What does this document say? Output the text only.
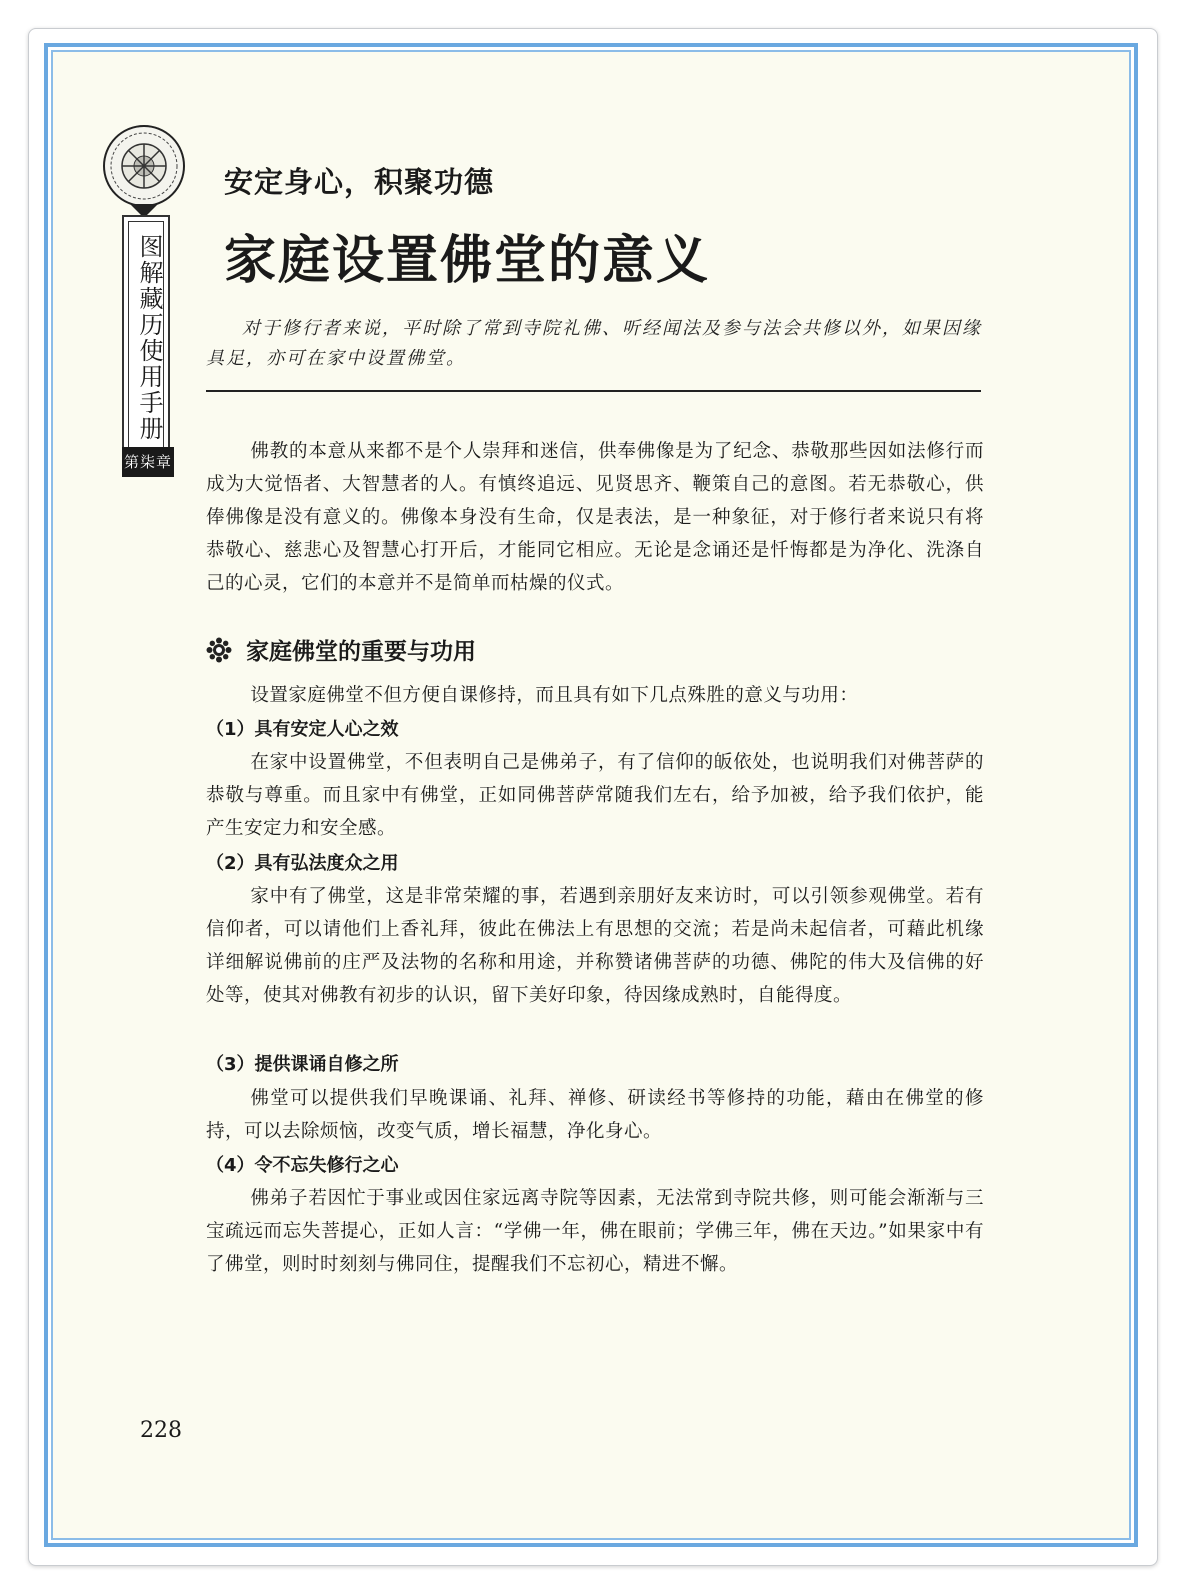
图解藏历使用手册
第柒章
安定身心，积聚功德
家庭设置佛堂的意义
对于修行者来说，平时除了常到寺院礼佛、听经闻法及参与法会共修以外，如果因缘具足，亦可在家中设置佛堂。
佛教的本意从来都不是个人崇拜和迷信，供奉佛像是为了纪念、恭敬那些因如法修行而成为大觉悟者、大智慧者的人。有慎终追远、见贤思齐、鞭策自己的意图。若无恭敬心，供俸佛像是没有意义的。佛像本身没有生命，仅是表法，是一种象征，对于修行者来说只有将恭敬心、慈悲心及智慧心打开后，才能同它相应。无论是念诵还是忏悔都是为净化、洗涤自己的心灵，它们的本意并不是简单而枯燥的仪式。
家庭佛堂的重要与功用
设置家庭佛堂不但方便自课修持，而且具有如下几点殊胜的意义与功用：
（1）具有安定人心之效
在家中设置佛堂，不但表明自己是佛弟子，有了信仰的皈依处，也说明我们对佛菩萨的恭敬与尊重。而且家中有佛堂，正如同佛菩萨常随我们左右，给予加被，给予我们依护，能产生安定力和安全感。
（2）具有弘法度众之用
家中有了佛堂，这是非常荣耀的事，若遇到亲朋好友来访时，可以引领参观佛堂。若有信仰者，可以请他们上香礼拜，彼此在佛法上有思想的交流；若是尚未起信者，可藉此机缘详细解说佛前的庄严及法物的名称和用途，并称赞诸佛菩萨的功德、佛陀的伟大及信佛的好处等，使其对佛教有初步的认识，留下美好印象，待因缘成熟时，自能得度。
（3）提供课诵自修之所
佛堂可以提供我们早晚课诵、礼拜、禅修、研读经书等修持的功能，藉由在佛堂的修持，可以去除烦恼，改变气质，增长福慧，净化身心。
（4）令不忘失修行之心
佛弟子若因忙于事业或因住家远离寺院等因素，无法常到寺院共修，则可能会渐渐与三宝疏远而忘失菩提心，正如人言：“学佛一年，佛在眼前；学佛三年，佛在天边。”如果家中有了佛堂，则时时刻刻与佛同住，提醒我们不忘初心，精进不懈。
228
